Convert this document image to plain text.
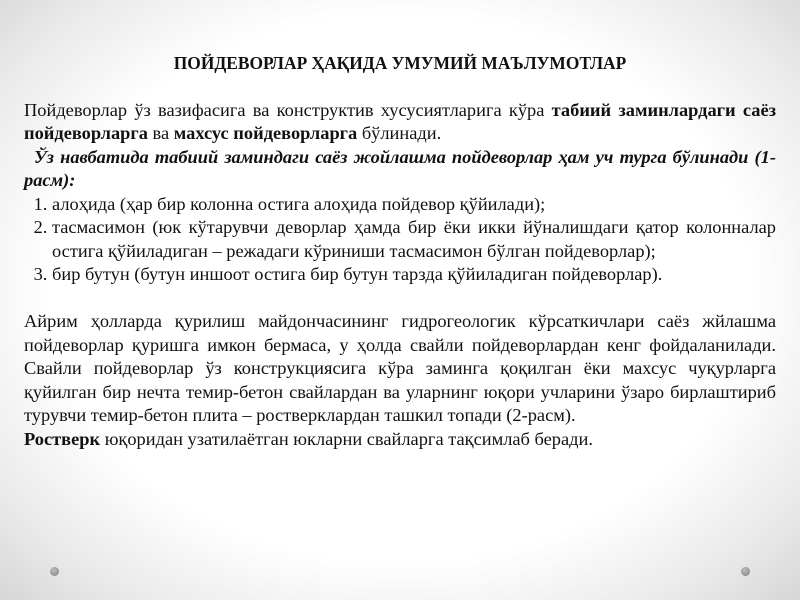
ПОЙДЕВОРЛАР ҲАҚИДА УМУМИЙ МАЪЛУМОТЛАР

Пойдеворлар ўз вазифасига ва конструктив хусусиятларига кўра табиий заминлардаги саёз пойдеворларга ва махсус пойдеворларга бўлинади.

Ўз навбатида табиий заминдаги саёз жойлашма пойдеворлар ҳам уч турга бўлинади (1-расм):

1. алоҳида (ҳар бир колонна остига алоҳида пойдевор қўйилади);
2. тасмасимон (юк кўтарувчи деворлар ҳамда бир ёки икки йўналишдаги қатор колонналар остига қўйиладиган – режадаги кўриниши тасмасимон бўлган пойдеворлар);
3. бир бутун (бутун иншоот остига бир бутун тарзда қўйиладиган пойдеворлар).

Айрим ҳолларда қурилиш майдончасининг гидрогеологик кўрсаткичлари саёз жйлашма пойдеворлар қуришга имкон бермаса, у ҳолда свайли пойдеворлардан кенг фойдаланилади. Свайли пойдеворлар ўз конструкциясига кўра заминга қоқилган ёки махсус чуқурларга қуйилган бир нечта темир-бетон свайлардан ва уларнинг юқори учларини ўзаро бирлаштириб турувчи темир-бетон плита – ростверклардан ташкил топади (2-расм).

Ростверк юқоридан узатилаётган юкларни свайларга тақсимлаб беради.
